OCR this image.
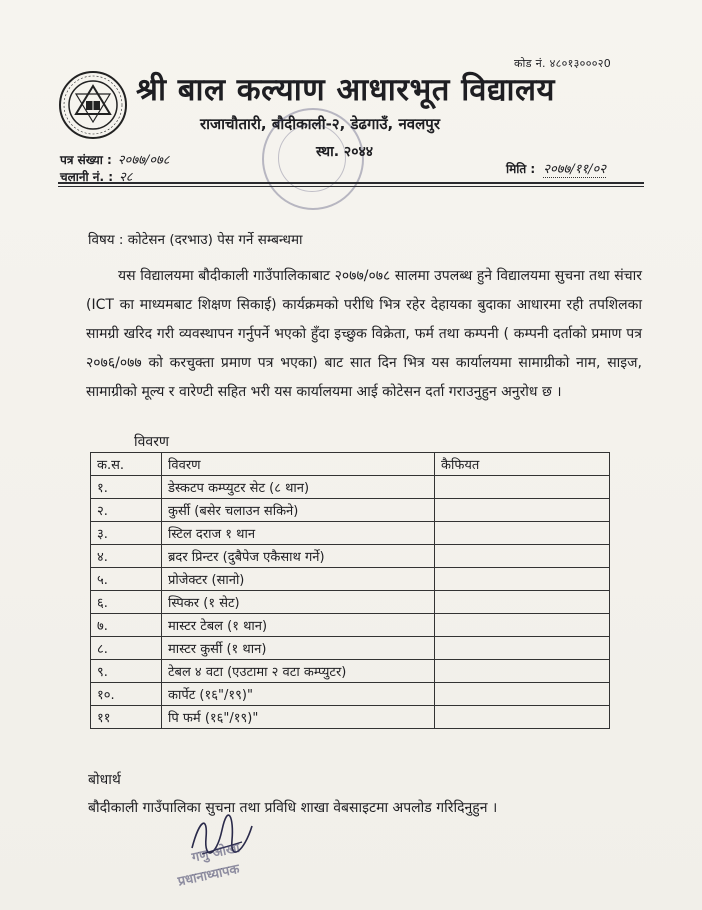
कोड नं. ४८०१३०००२0
श्री बाल कल्याण आधारभूत विद्यालय
राजाचौतारी, बौदीकाली-२, डेढगाउँ, नवलपुर
स्था. २०४४
पत्र संख्या : २०७७/०७८
चलानी नं. : २८
मिति : २०७७/११/०२
विषय : कोटेसन (दरभाउ) पेस गर्ने सम्बन्धमा
यस विद्यालयमा बौदीकाली गाउँपालिकाबाट २०७७/०७८ सालमा उपलब्ध हुने विद्यालयमा सुचना तथा संचार (ICT का माध्यमबाट शिक्षण सिकाई) कार्यक्रमको परीधि भित्र रहेर देहायका बुदाका आधारमा रही तपशिलका सामग्री खरिद गरी व्यवस्थापन गर्नुपर्ने भएको हुँदा इच्छुक विक्रेता, फर्म तथा कम्पनी ( कम्पनी दर्ताको प्रमाण पत्र २०७६/०७७ को करचुक्ता प्रमाण पत्र भएका) बाट सात दिन भित्र यस कार्यालयमा सामाग्रीको नाम, साइज, सामाग्रीको मूल्य र वारेण्टी सहित भरी यस कार्यालयमा आई कोटेसन दर्ता गराउनुहुन अनुरोध छ ।
विवरण
क.स.	विवरण	कैफियत
१.	डेस्कटप कम्प्युटर सेट (८ थान)	
२.	कुर्सी (बसेर चलाउन सकिने)	
३.	स्टिल दराज १ थान	
४.	ब्रदर प्रिन्टर (दुबैपेज एकैसाथ गर्ने)	
५.	प्रोजेक्टर (सानो)	
६.	स्पिकर (१ सेट)	
७.	मास्टर टेबल (१ थान)	
८.	मास्टर कुर्सी (१ थान)	
९.	टेबल ४ वटा (एउटामा २ वटा कम्प्युटर)	
१०.	कार्पेट (१६"/१९)"	
११	पि फर्म (१६"/१९)"	
बोधार्थ
बौदीकाली गाउँपालिका सुचना तथा प्रविधि शाखा वेबसाइटमा अपलोड गरिदिनुहुन ।
गणु ओखा
प्रधानाध्यापक
